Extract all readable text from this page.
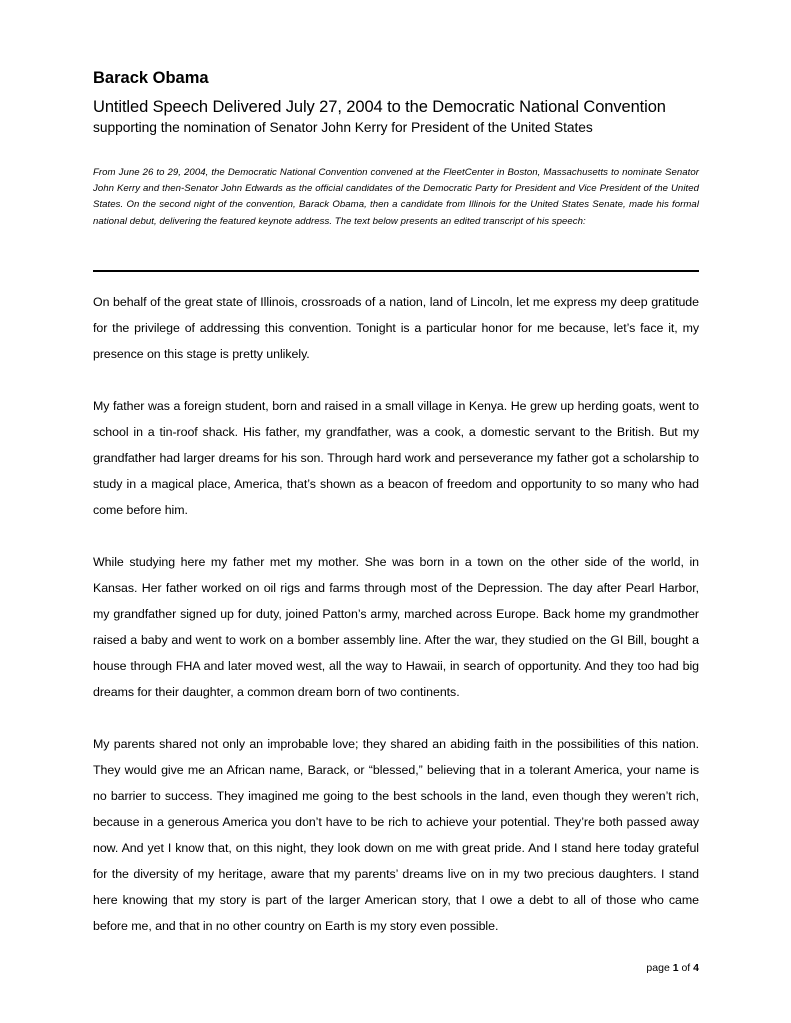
Barack Obama
Untitled Speech Delivered July 27, 2004 to the Democratic National Convention
supporting the nomination of Senator John Kerry for President of the United States

From June 26 to 29, 2004, the Democratic National Convention convened at the FleetCenter in Boston, Massachusetts to nominate Senator John Kerry and then-Senator John Edwards as the official candidates of the Democratic Party for President and Vice President of the United States. On the second night of the convention, Barack Obama, then a candidate from Illinois for the United States Senate, made his formal national debut, delivering the featured keynote address. The text below presents an edited transcript of his speech:

On behalf of the great state of Illinois, crossroads of a nation, land of Lincoln, let me express my deep gratitude for the privilege of addressing this convention. Tonight is a particular honor for me because, let’s face it, my presence on this stage is pretty unlikely.

My father was a foreign student, born and raised in a small village in Kenya. He grew up herding goats, went to school in a tin-roof shack. His father, my grandfather, was a cook, a domestic servant to the British. But my grandfather had larger dreams for his son. Through hard work and perseverance my father got a scholarship to study in a magical place, America, that’s shown as a beacon of freedom and opportunity to so many who had come before him.

While studying here my father met my mother. She was born in a town on the other side of the world, in Kansas. Her father worked on oil rigs and farms through most of the Depression. The day after Pearl Harbor, my grandfather signed up for duty, joined Patton’s army, marched across Europe. Back home my grandmother raised a baby and went to work on a bomber assembly line. After the war, they studied on the GI Bill, bought a house through FHA and later moved west, all the way to Hawaii, in search of opportunity. And they too had big dreams for their daughter, a common dream born of two continents.

My parents shared not only an improbable love; they shared an abiding faith in the possibilities of this nation. They would give me an African name, Barack, or “blessed,” believing that in a tolerant America, your name is no barrier to success. They imagined me going to the best schools in the land, even though they weren’t rich, because in a generous America you don’t have to be rich to achieve your potential. They’re both passed away now. And yet I know that, on this night, they look down on me with great pride. And I stand here today grateful for the diversity of my heritage, aware that my parents’ dreams live on in my two precious daughters. I stand here knowing that my story is part of the larger American story, that I owe a debt to all of those who came before me, and that in no other country on Earth is my story even possible.

page 1 of 4
